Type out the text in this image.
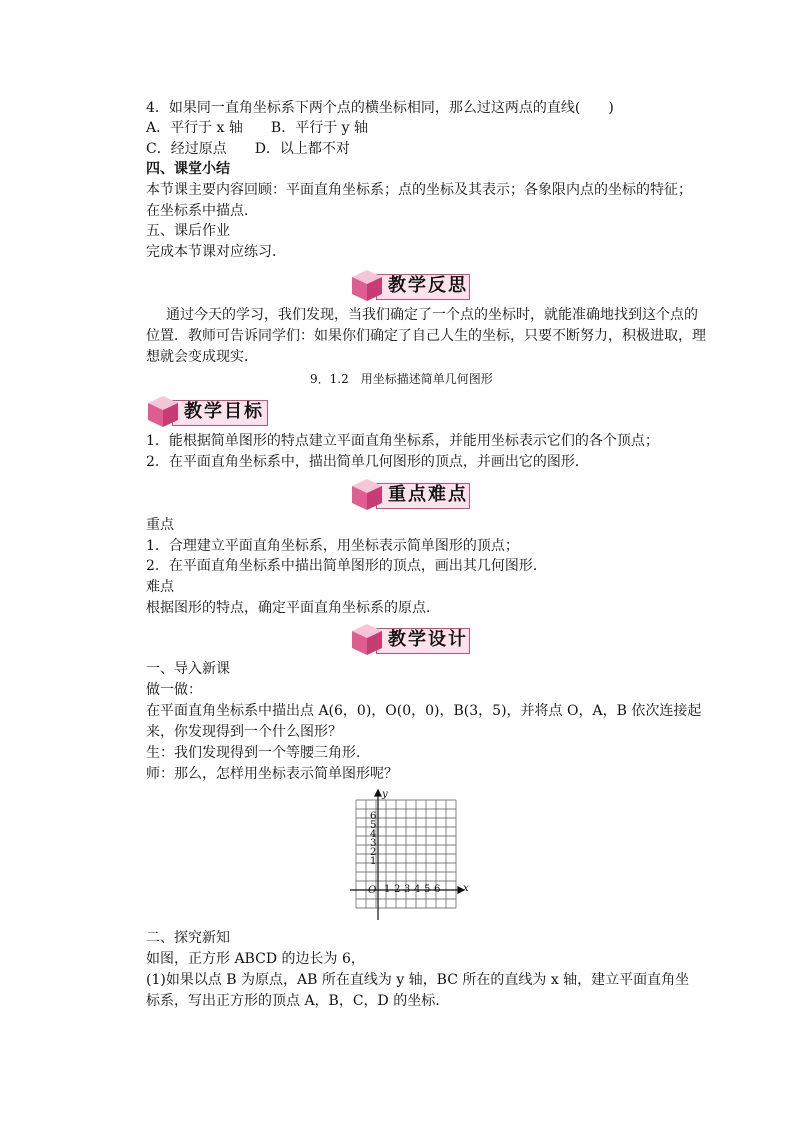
4．如果同一直角坐标系下两个点的横坐标相同，那么过这两点的直线(　　)
A．平行于 x 轴　　B．平行于 y 轴
C．经过原点　　D．以上都不对
四、课堂小结
本节课主要内容回顾：平面直角坐标系；点的坐标及其表示；各象限内点的坐标的特征；
在坐标系中描点．
五、课后作业
完成本节课对应练习．
教学反思
通过今天的学习，我们发现，当我们确定了一个点的坐标时，就能准确地找到这个点的
位置．教师可告诉同学们：如果你们确定了自己人生的坐标，只要不断努力，积极进取，理
想就会变成现实．
9．1.2　用坐标描述简单几何图形
教学目标
1．能根据简单图形的特点建立平面直角坐标系，并能用坐标表示它们的各个顶点；
2．在平面直角坐标系中，描出简单几何图形的顶点，并画出它的图形．
重点难点
重点
1．合理建立平面直角坐标系，用坐标表示简单图形的顶点；
2．在平面直角坐标系中描出简单图形的顶点，画出其几何图形．
难点
根据图形的特点，确定平面直角坐标系的原点．
教学设计
一、导入新课
做一做：
在平面直角坐标系中描出点 A(6，0)，O(0，0)，B(3，5)，并将点 O，A，B 依次连接起
来，你发现得到一个什么图形？
生：我们发现得到一个等腰三角形．
师：那么，怎样用坐标表示简单图形呢？
y
x
O
6
5
4
3
2
1
1 2 3 4 5 6
二、探究新知
如图，正方形 ABCD 的边长为 6，
(1)如果以点 B 为原点，AB 所在直线为 y 轴，BC 所在的直线为 x 轴，建立平面直角坐
标系，写出正方形的顶点 A，B，C，D 的坐标．
